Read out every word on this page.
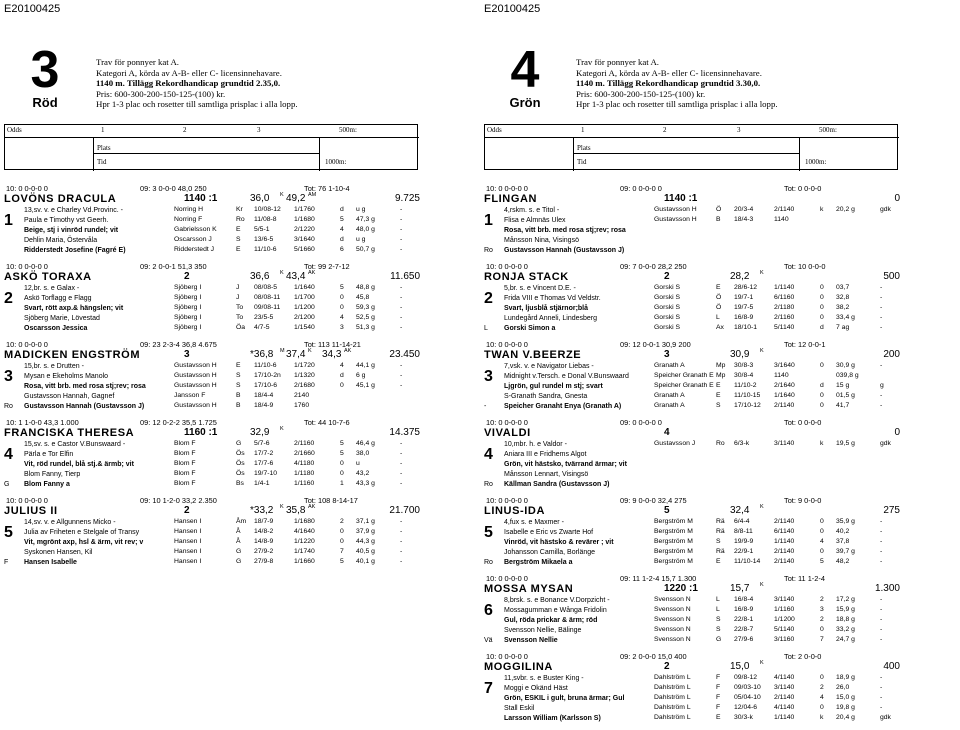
E20100425
3
Röd
Trav för ponnyer kat A.
Kategori A, körda av A-B- eller C- licensinnehavare.
1140 m. Tillägg Rekordhandicap grundtid 2.35,0.
Pris: 600-300-200-150-125-(100) kr.
Hpr 1-3 plac och rosetter till samtliga prisplac i alla lopp.
Odds	1	2	3	500m:
Plats
Tid	1000m:
10: 0 0-0-0 0	09: 3 0-0-0 48,0 250	Tot: 76 1-10-4
LOVÖNS DRACULA	1140 :1	36,0 K 49,2 AM	9.725
13,sv. v. e Charley Vd.Provinc. -	Norring H	Kr 10/08-12 1/1760	d u g	-
1	Paula e Timothy vst Geerh.	Norring F	Ro 11/08-8	1/1680	5 47,3 g	-
Beige, stj i vinröd rundel; vit	Gabrielsson K	E 5/5-1	2/1220	4 48,0 g	-
Dehlin Maria, Östervåla	Oscarsson J	S 13/6-5	3/1640	d u g	-
Ridderstedt Josefine (Fagré E)	Ridderstedt J	E 11/10-6	5/1660	6 50,7 g	-
10: 0 0-0-0 0	09: 2 0-0-1 51,3 350	Tot: 99 2-7-12
ASKÖ TORAXA	2	36,6 K 43,4 AK	11.650
12,br. s. e Galax -	Sjöberg I	J 08/08-5 1/1640	5 48,8 g	-
2	Askö Torflagg e Flagg	Sjöberg I	J 08/08-11 1/1700	0 45,8	-
Svart, rött axp.& hängslen; vit	Sjöberg I	To 09/08-11 1/1200	0 59,3 g	-
Sjöberg Marie, Lövestad	Sjöberg I	To 23/5-5	2/1200	4 52,5 g	-
Oscarsson Jessica	Sjöberg I	Öa 4/7-5	1/1540	3 51,3 g	-
10: 0 0-0-0 0	09: 23 2-3-4 36,8 4.675	Tot: 113 11-14-21
MADICKEN ENGSTRÖM	3	*36,8 M 37,4 K 34,3 AK	23.450
15,br. s. e Drutten -	Gustavsson H	E 11/10-6	1/1720	4 44,1 g	-
3	Mysan e Ekeholms Manolo	Gustavsson H	S 17/10-2n 1/1320	d 6 g	-
Rosa, vitt brb. med rosa stj;rev; rosa	Gustavsson H	S 17/10-6 2/1680	0 45,1 g	-
Gustavsson Hannah, Gagnef	Jansson F	B 18/4-4	2140
Ro Gustavsson Hannah (Gustavsson J)	Gustavsson H	B 18/4-9	1760
10: 1 1-0-0 43,3 1.000	09: 12 0-2-2 35,5 1.725	Tot: 44 10-7-6
FRANCISKA THERESA	1160 :1	32,9 K	14.375
15,sv. s. e Castor V.Bunswaard -	Blom F	G 5/7-6	2/1160	5 46,4 g	-
4	Pärla e Tor Elfin	Blom F	Ös 17/7-2	2/1660	5 38,0	-
Vit, röd rundel, blå stj.& ärmb; vit	Blom F	Ös 17/7-6	4/1180	0 u	-
Blom Fanny, Tierp	Blom F	Ös 19/7-10 1/1180	0 43,2	-
G Blom Fanny a	Blom F	Bs 1/4-1	1/1160	1 43,3 g	-
10: 0 0-0-0 0	09: 10 1-2-0 33,2 2.350	Tot: 108 8-14-17
JULIUS II	2	*33,2 K 35,8 AK	21.700
14,sv. v. e Allgunnens Micko -	Hansen I	Åm 18/7-9	1/1680	2 37,1 g	-
5	Julia av Friheten e Stelgale of Transy	Hansen I	Å 14/8-2	4/1640	0 37,9 g	-
Vit, mgrönt axp, hsl & ärm, vit rev; v	Hansen I	Å 14/8-9	1/1220	0 44,3 g	-
Syskonen Hansen, Kil	Hansen I	G 27/9-2	1/1740	7 40,5 g	-
F Hansen Isabelle	Hansen I	G 27/9-8	1/1660	5 40,1 g	-
E20100425
4
Grön
Trav för ponnyer kat A.
Kategori A, körda av A-B- eller C- licensinnehavare.
1140 m. Tillägg Rekordhandicap grundtid 3.30,0.
Pris: 600-300-200-150-125-(100) kr.
Hpr 1-3 plac och rosetter till samtliga prisplac i alla lopp.
Odds	1	2	3	500m:
Plats
Tid	1000m:
10: 0 0-0-0 0	09: 0 0-0-0 0	Tot: 0 0-0-0
FLINGAN	1140 :1	0
4,rskm. s. e Titol -	Gustavsson H	Ö 20/3-4	2/1140	k 20,2 g	gdk
1	Flisa e Almnäs Ulex	Gustavsson H	B 18/4-3	1140
Rosa, vitt brb. med rosa stj;rev; rosa
Månsson Nina, Visingsö
Ro Gustavsson Hannah (Gustavsson J)
10: 0 0-0-0 0	09: 7 0-0-0 28,2 250	Tot: 10 0-0-0
RONJA STACK	2	28,2 K	500
5,br. s. e Vincent D.E. -	Gorski S	E 28/6-12 1/1140	0 03,7	-
2	Frida VIII e Thomas Vd Veldstr.	Gorski S	Ö 19/7-1	6/1160	0 32,8	-
Svart, ljusblå stjärnor;blå	Gorski S	Ö 19/7-5	2/1180	0 38,2	-
Lundegård Anneli, Lindesberg	Gorski S	L 16/8-9	2/1160	0 33,4 g	-
L Gorski Simon a	Gorski S	Ax 18/10-1 5/1140	d 7 ag	-
10: 0 0-0-0 0	09: 12 0-0-1 30,9 200	Tot: 12 0-0-1
TWAN V.BEERZE	3	30,9 K	200
7,vsk. v. e Navigator Liebas -	Granath A	Mp 30/8-3	3/1640	0 30,9 g	-
3	Midnight v.Tersch. e Donal V.Bunswaard	Speicher Granath E Mp 30/8-4	1140	039,8 g
Ljgrön, gul rundel m stj; svart	Speicher Granath E E 11/10-2	2/1640	d 15 g	g
S-Granath Sandra, Gnesta	Granath A	E 11/10-15 1/1640	0 01,5 g	-
-	Speicher Granaht Enya (Granath A)	Granath A	S 17/10-12 2/1140	0 41,7	-
10: 0 0-0-0 0	09: 0 0-0-0 0	Tot: 0 0-0-0
VIVALDI	4	0
10,mbr. h. e Valdor -	Gustavsson J	Ro 6/3-k	3/1140	k 19,5 g	gdk
4	Aniara III e Fridhems Algot
Grön, vit hästsko, tvärrand ärmar; vit
Månsson Lennart, Visingsö
Ro Källman Sandra (Gustavsson J)
10: 0 0-0-0 0	09: 9 0-0-0 32,4 275	Tot: 9 0-0-0
LINUS-IDA	5	32,4 K	275
4,fux s. e Maxmer -	Bergström M	Rä 6/4-4	2/1140	0 35,9 g	-
5	Isabelle e Eric vs Zwarte Hof	Bergström M	Rä 8/8-11	6/1140	0 40,2	-
Vinröd, vit hästsko & revärer ; vit	Bergström M	S 19/9-9	1/1140	4 37,8	-
Johansson Camilla, Borlänge	Bergström M	Rä 22/9-1	2/1140	0 39,7 g	-
Ro Bergström Mikaela a	Bergström M	E 11/10-14 2/1140	5 48,2	-
10: 0 0-0-0 0	09: 11 1-2-4 15,7 1.300	Tot: 11 1-2-4
MOSSA MYSAN	1220 :1	15,7 K	1.300
8,brsk. s. e Bonance V.Dorpzicht -	Svensson N	L 16/8-4	3/1140	2 17,2 g	-
6	Mossagumman e Wånga Fridolin	Svensson N	L 16/8-9	1/1160	3 15,9 g	-
Gul, röda prickar & ärm; röd	Svensson N	S 22/8-1	1/1200	2 18,8 g	-
Svensson Nellie, Bälinge	Svensson N	S 22/8-7	5/1140	0 33,2 g	-
Vä Svensson Nellie	Svensson N	G 27/9-6	3/1160	7 24,7 g	-
10: 0 0-0-0 0	09: 2 0-0-0 15,0 400	Tot: 2 0-0-0
MOGGILINA	2	15,0 K	400
11,svbr. s. e Buster King -	Dahlström L	F 09/8-12 4/1140	0 18,9 g	-
7	Moggi e Okänd Häst	Dahlström L	F 09/03-10 3/1140	2 26,0	-
Grön, ESKIL i gult, bruna ärmar; Gul	Dahlström L	F 05/04-10 2/1140	4 15,0 g	-
Stall Eskil	Dahlström L	F 12/04-6 4/1140	0 19,8 g	-
Larsson William (Karlsson S)	Dahlström L	E 30/3-k	1/1140	k 20,4 g	gdk
